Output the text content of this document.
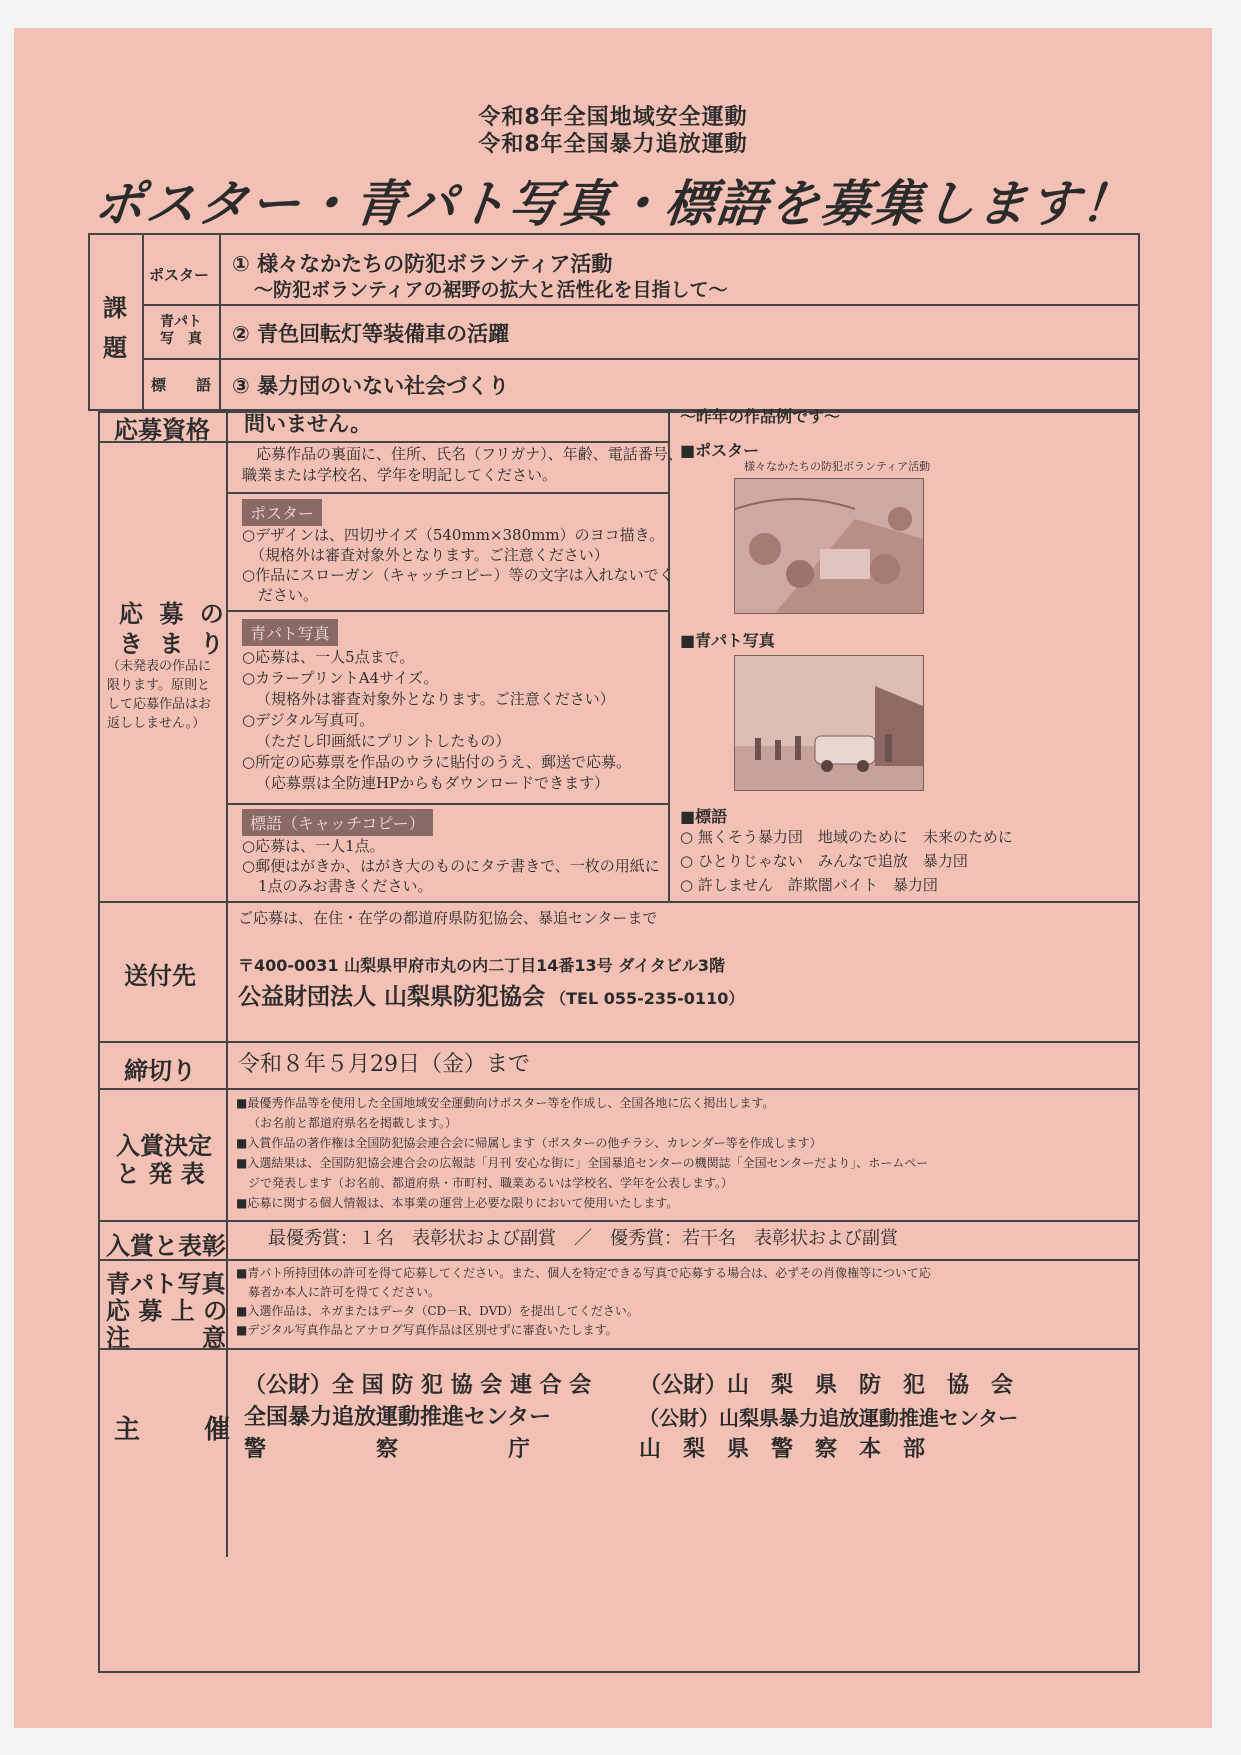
令和8年全国地域安全運動
令和8年全国暴力追放運動
ポスター・青パト写真・標語を募集します！
課
題
ポスター ① 様々なかたちの防犯ボランティア活動
～防犯ボランティアの裾野の拡大と活性化を目指して～
青パト
写　真 ② 青色回転灯等装備車の活躍
標　　語 ③ 暴力団のいない社会づくり
応募資格 問いません。
応 募 の
き ま り
（未発表の作品に
限ります。原則と
して応募作品はお
返ししません。）
応募作品の裏面に、住所、氏名（フリガナ）、年齢、電話番号、
職業または学校名、学年を明記してください。
ポスター
○デザインは、四切サイズ（540mm×380mm）のヨコ描き。
（規格外は審査対象外となります。ご注意ください）
○作品にスローガン（キャッチコピー）等の文字は入れないでく
ださい。
青パト写真
○応募は、一人5点まで。
○カラープリントA4サイズ。
（規格外は審査対象外となります。ご注意ください）
○デジタル写真可。
（ただし印画紙にプリントしたもの）
○所定の応募票を作品のウラに貼付のうえ、郵送で応募。
（応募票は全防連HPからもダウンロードできます）
標語（キャッチコピー）
○応募は、一人1点。
○郵便はがきか、はがき大のものにタテ書きで、一枚の用紙に
1点のみお書きください。
～昨年の作品例です～
■ポスター
様々なかたちの防犯ボランティア活動
■青パト写真
■標語
○ 無くそう暴力団　地域のために　未来のために
○ ひとりじゃない　みんなで追放　暴力団
○ 許しません　詐欺闇バイト　暴力団
送付先
ご応募は、在住・在学の都道府県防犯協会、暴追センターまで
〒400-0031 山梨県甲府市丸の内二丁目14番13号 ダイタビル3階
公益財団法人 山梨県防犯協会 （TEL 055-235-0110）
締切り 令和８年５月29日（金）まで
入賞決定
と 発 表
■最優秀作品等を使用した全国地域安全運動向けポスター等を作成し、全国各地に広く掲出します。
（お名前と都道府県名を掲載します。）
■入賞作品の著作権は全国防犯協会連合会に帰属します（ポスターの他チラシ、カレンダー等を作成します）
■入選結果は、全国防犯協会連合会の広報誌「月刊 安心な街に」全国暴追センターの機関誌「全国センターだより」、ホームペー
ジで発表します（お名前、都道府県・市町村、職業あるいは学校名、学年を公表します。）
■応募に関する個人情報は、本事業の運営上必要な限りにおいて使用いたします。
入賞と表彰 最優秀賞：１名　表彰状および副賞　／　優秀賞：若干名　表彰状および副賞
青パト写真
応 募 上 の
注　　　意
■青パト所持団体の許可を得て応募してください。また、個人を特定できる写真で応募する場合は、必ずその肖像権等について応
募者か本人に許可を得てください。
■入選作品は、ネガまたはデータ（CD－R、DVD）を提出してください。
■デジタル写真作品とアナログ写真作品は区別せずに審査いたします。
主 催
（公財）全 国 防 犯 協 会 連 合 会
全国暴力追放運動推進センター
警　　　　　察　　　　　庁
（公財）山　梨　県　防　犯　協　会
（公財）山梨県暴力追放運動推進センター
山　梨　県　警　察　本　部
